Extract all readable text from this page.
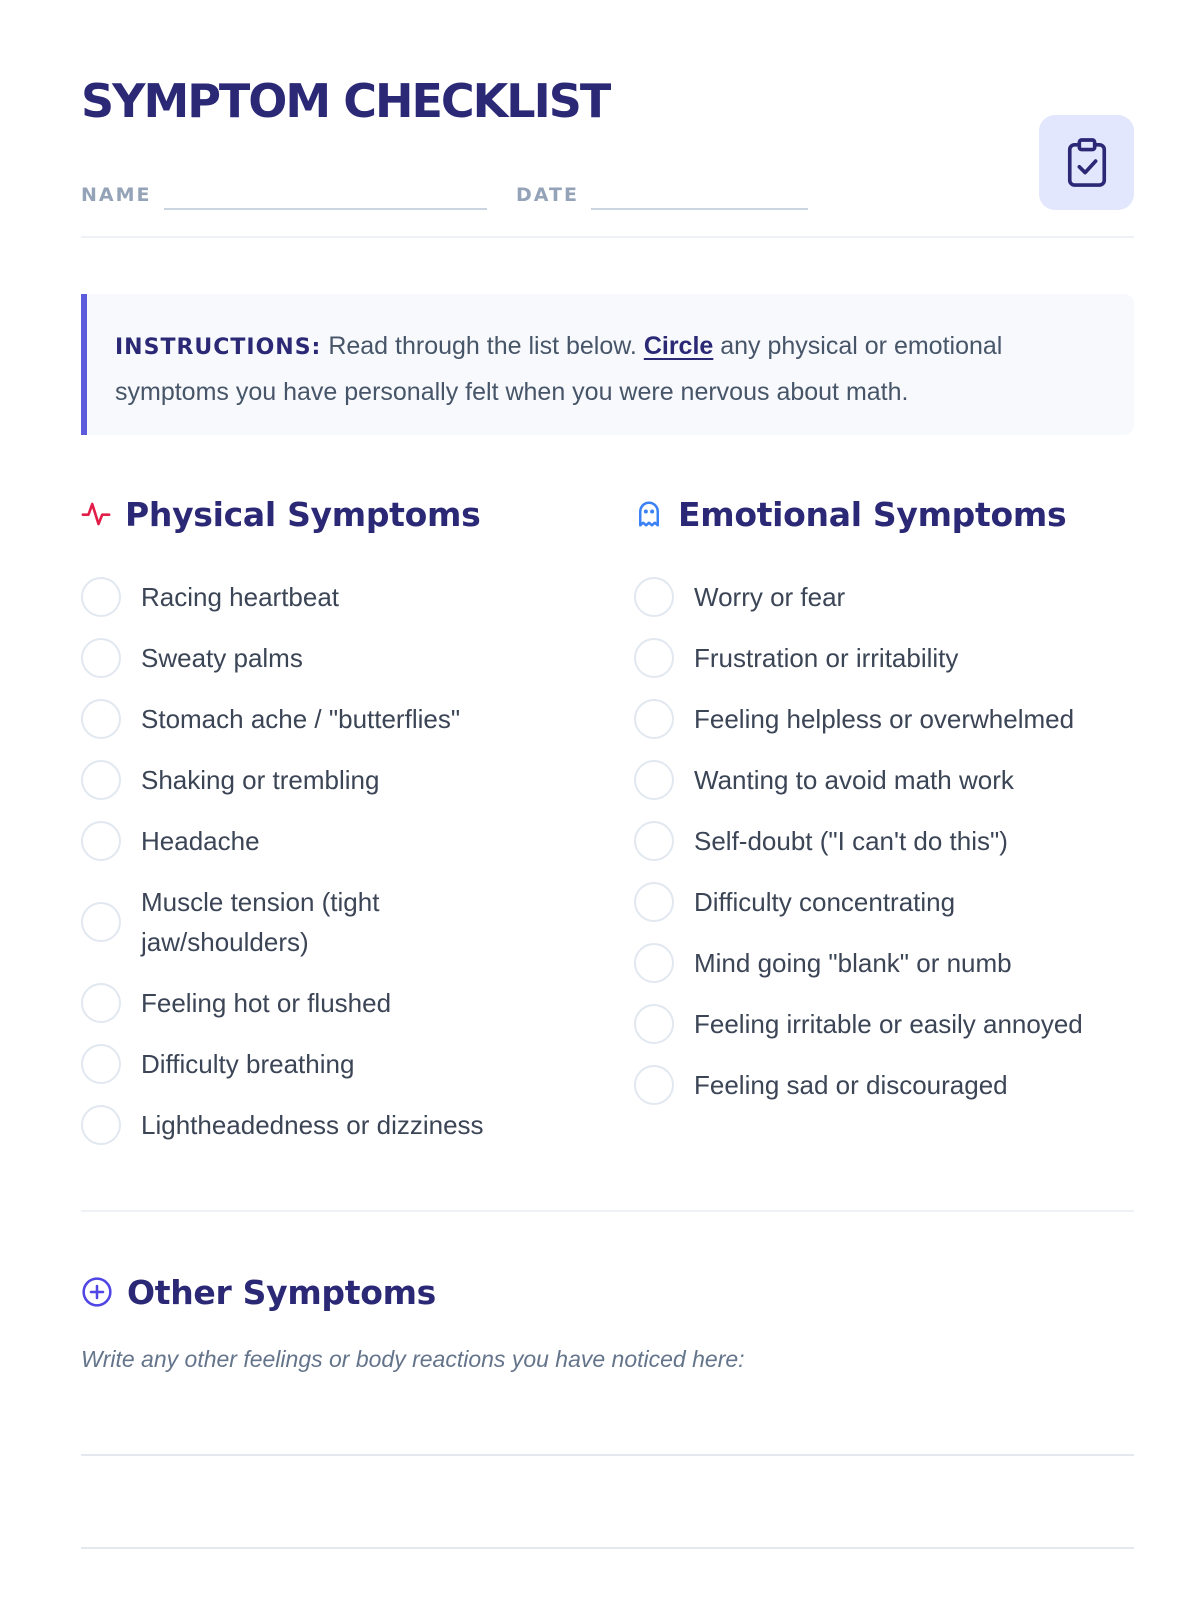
SYMPTOM CHECKLIST
NAME	DATE
INSTRUCTIONS: Read through the list below. Circle any physical or emotional symptoms you have personally felt when you were nervous about math.
Physical Symptoms
Racing heartbeat
Sweaty palms
Stomach ache / "butterflies"
Shaking or trembling
Headache
Muscle tension (tight jaw/shoulders)
Feeling hot or flushed
Difficulty breathing
Lightheadedness or dizziness
Emotional Symptoms
Worry or fear
Frustration or irritability
Feeling helpless or overwhelmed
Wanting to avoid math work
Self-doubt ("I can't do this")
Difficulty concentrating
Mind going "blank" or numb
Feeling irritable or easily annoyed
Feeling sad or discouraged
Other Symptoms

Write any other feelings or body reactions you have noticed here:
